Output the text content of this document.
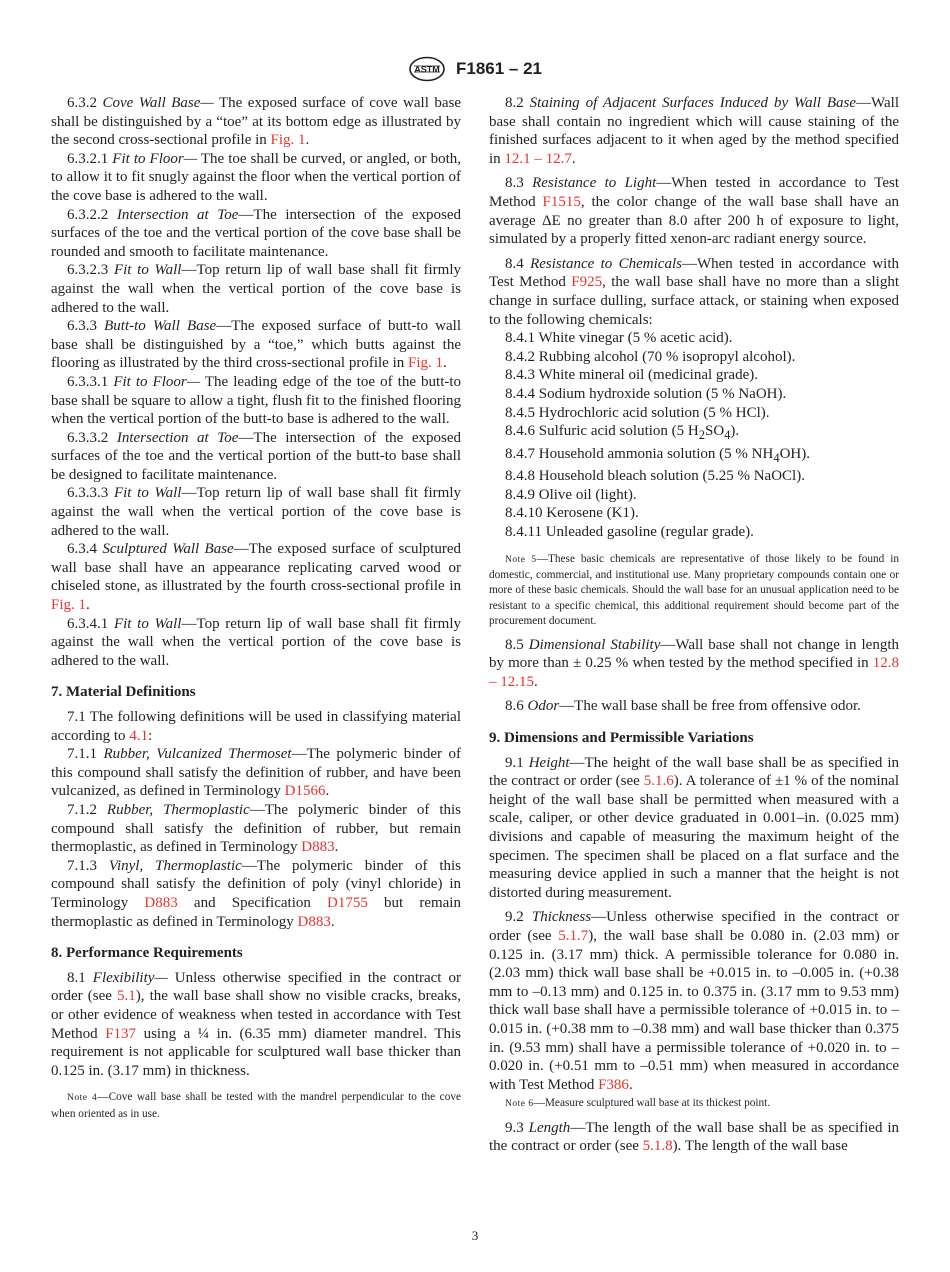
ASTM F1861 – 21

6.3.2 Cove Wall Base— The exposed surface of cove wall base shall be distinguished by a “toe” at its bottom edge as illustrated by the second cross-sectional profile in Fig. 1.

6.3.2.1 Fit to Floor— The toe shall be curved, or angled, or both, to allow it to fit snugly against the floor when the vertical portion of the cove base is adhered to the wall.

6.3.2.2 Intersection at Toe—The intersection of the exposed surfaces of the toe and the vertical portion of the cove base shall be rounded and smooth to facilitate maintenance.

6.3.2.3 Fit to Wall—Top return lip of wall base shall fit firmly against the wall when the vertical portion of the cove base is adhered to the wall.

6.3.3 Butt-to Wall Base—The exposed surface of butt-to wall base shall be distinguished by a “toe,” which butts against the flooring as illustrated by the third cross-sectional profile in Fig. 1.

6.3.3.1 Fit to Floor— The leading edge of the toe of the butt-to base shall be square to allow a tight, flush fit to the finished flooring when the vertical portion of the butt-to base is adhered to the wall.

6.3.3.2 Intersection at Toe—The intersection of the exposed surfaces of the toe and the vertical portion of the butt-to base shall be designed to facilitate maintenance.

6.3.3.3 Fit to Wall—Top return lip of wall base shall fit firmly against the wall when the vertical portion of the cove base is adhered to the wall.

6.3.4 Sculptured Wall Base—The exposed surface of sculptured wall base shall have an appearance replicating carved wood or chiseled stone, as illustrated by the fourth cross-sectional profile in Fig. 1.

6.3.4.1 Fit to Wall—Top return lip of wall base shall fit firmly against the wall when the vertical portion of the cove base is adhered to the wall.

7. Material Definitions

7.1 The following definitions will be used in classifying material according to 4.1:

7.1.1 Rubber, Vulcanized Thermoset—The polymeric binder of this compound shall satisfy the definition of rubber, and have been vulcanized, as defined in Terminology D1566.

7.1.2 Rubber, Thermoplastic—The polymeric binder of this compound shall satisfy the definition of rubber, but remain thermoplastic, as defined in Terminology D883.

7.1.3 Vinyl, Thermoplastic—The polymeric binder of this compound shall satisfy the definition of poly (vinyl chloride) in Terminology D883 and Specification D1755 but remain thermoplastic as defined in Terminology D883.

8. Performance Requirements

8.1 Flexibility— Unless otherwise specified in the contract or order (see 5.1), the wall base shall show no visible cracks, breaks, or other evidence of weakness when tested in accordance with Test Method F137 using a ¼ in. (6.35 mm) diameter mandrel. This requirement is not applicable for sculptured wall base thicker than 0.125 in. (3.17 mm) in thickness.

Note 4—Cove wall base shall be tested with the mandrel perpendicular to the cove when oriented as in use.

8.2 Staining of Adjacent Surfaces Induced by Wall Base—Wall base shall contain no ingredient which will cause staining of the finished surfaces adjacent to it when aged by the method specified in 12.1 – 12.7.

8.3 Resistance to Light—When tested in accordance to Test Method F1515, the color change of the wall base shall have an average ΔE no greater than 8.0 after 200 h of exposure to light, simulated by a properly fitted xenon-arc radiant energy source.

8.4 Resistance to Chemicals—When tested in accordance with Test Method F925, the wall base shall have no more than a slight change in surface dulling, surface attack, or staining when exposed to the following chemicals:

8.4.1 White vinegar (5 % acetic acid).
8.4.2 Rubbing alcohol (70 % isopropyl alcohol).
8.4.3 White mineral oil (medicinal grade).
8.4.4 Sodium hydroxide solution (5 % NaOH).
8.4.5 Hydrochloric acid solution (5 % HCl).
8.4.6 Sulfuric acid solution (5 $H_2SO_4$).
8.4.7 Household ammonia solution (5 % $NH_4OH$).
8.4.8 Household bleach solution (5.25 % NaOCl).
8.4.9 Olive oil (light).
8.4.10 Kerosene (K1).
8.4.11 Unleaded gasoline (regular grade).
Note 5—These basic chemicals are representative of those likely to be found in domestic, commercial, and institutional use. Many proprietary compounds contain one or more of these basic chemicals. Should the wall base for an unusual application need to be resistant to a specific chemical, this additional requirement should become part of the procurement document.

8.5 Dimensional Stability—Wall base shall not change in length by more than ± 0.25 % when tested by the method specified in 12.8 – 12.15.

8.6 Odor—The wall base shall be free from offensive odor.

9. Dimensions and Permissible Variations

9.1 Height—The height of the wall base shall be as specified in the contract or order (see 5.1.6). A tolerance of ±1 % of the nominal height of the wall base shall be permitted when measured with a scale, caliper, or other device graduated in 0.001–in. (0.025 mm) divisions and capable of measuring the maximum height of the specimen. The specimen shall be placed on a flat surface and the measuring device applied in such a manner that the height is not distorted during measurement.

9.2 Thickness—Unless otherwise specified in the contract or order (see 5.1.7), the wall base shall be 0.080 in. (2.03 mm) or 0.125 in. (3.17 mm) thick. A permissible tolerance for 0.080 in. (2.03 mm) thick wall base shall be +0.015 in. to –0.005 in. (+0.38 mm to –0.13 mm) and 0.125 in. to 0.375 in. (3.17 mm to 9.53 mm) thick wall base shall have a permissible tolerance of +0.015 in. to –0.015 in. (+0.38 mm to –0.38 mm) and wall base thicker than 0.375 in. (9.53 mm) shall have a permissible tolerance of +0.020 in. to –0.020 in. (+0.51 mm to –0.51 mm) when measured in accordance with Test Method F386.

Note 6—Measure sculptured wall base at its thickest point.

9.3 Length—The length of the wall base shall be as specified in the contract or order (see 5.1.8). The length of the wall base

3
